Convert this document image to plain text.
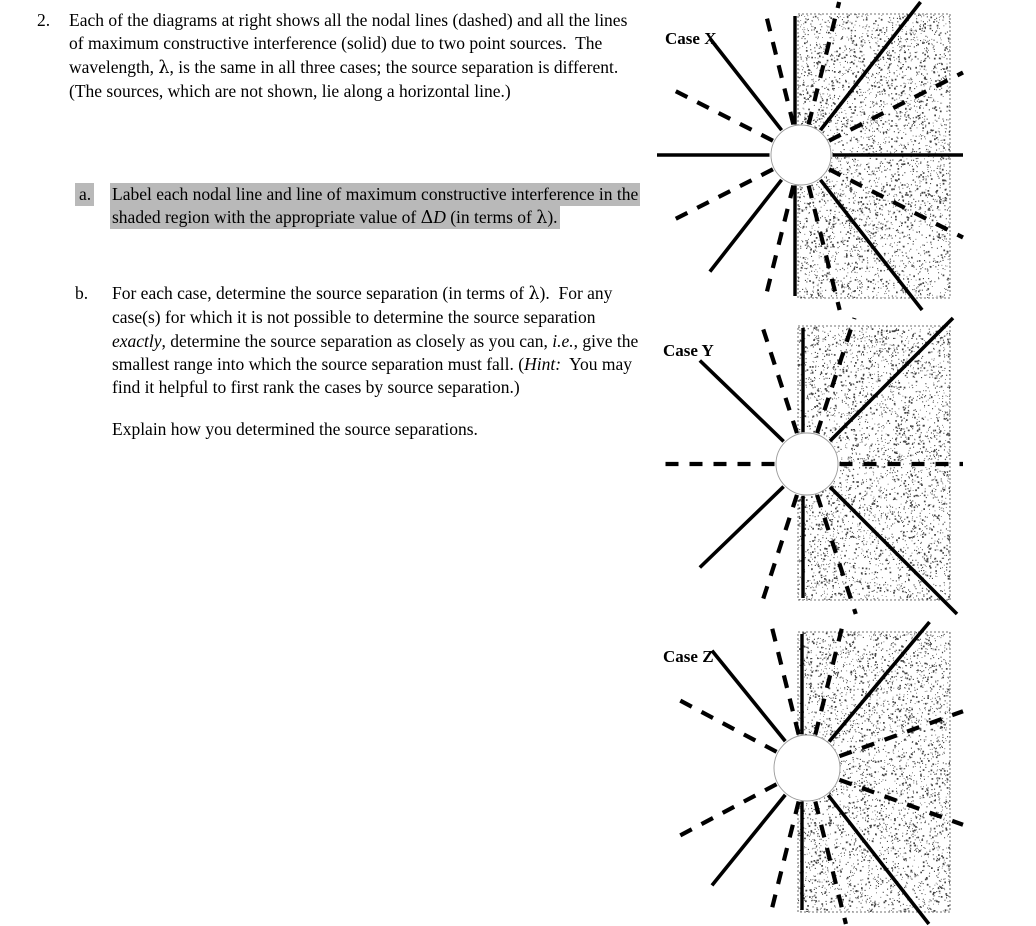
2.	Each of the diagrams at right shows all the nodal lines (dashed) and all the lines of maximum constructive interference (solid) due to two point sources.  The wavelength, λ, is the same in all three cases; the source separation is different.  (The sources, which are not shown, lie along a horizontal line.)

a.	Label each nodal line and line of maximum constructive interference in the shaded region with the appropriate value of ΔD (in terms of λ).

b.	For each case, determine the source separation (in terms of λ).  For any case(s) for which it is not possible to determine the source separation exactly, determine the source separation as closely as you can, i.e., give the smallest range into which the source separation must fall. (Hint:  You may find it helpful to first rank the cases by source separation.)

Explain how you determined the source separations.

Case X
Case Y
Case Z
